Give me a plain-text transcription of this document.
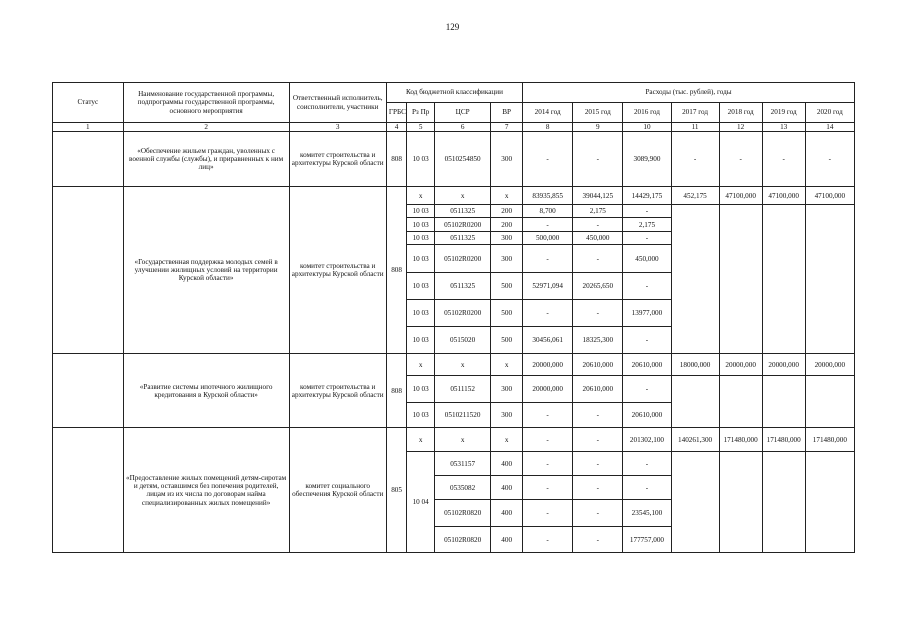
129
Статус	Наименование государственной программы, подпрограммы государственной программы, основного мероприятия	Ответственный исполнитель, соисполнители, участники	Код бюджетной классификации				Расходы (тыс. рублей), годы						
			ГРБС	Рз Пр	ЦСР	ВР	2014 год	2015 год	2016 год	2017 год	2018 год	2019 год	2020 год
1	2	3	4	5	6	7	8	9	10	11	12	13	14
	«Обеспечение жильем граждан, уволенных с военной службы (службы), и приравненных к ним лиц»	комитет строительства и архитектуры Курской области	808	10 03	0510254850	300	-	-	3089,900	-	-	-	-
	«Государственная поддержка молодых семей в улучшении жилищных условий на территории Курской области»	комитет строительства и архитектуры Курской области	808	х	х	х	83935,855	39044,125	14429,175	452,175	47100,000	47100,000	47100,000
				10 03	0511325	200	8,700	2,175	-				
				10 03	05102R0200	200	-	-	2,175				
				10 03	0511325	300	500,000	450,000	-				
				10 03	05102R0200	300	-	-	450,000				
				10 03	0511325	500	52971,094	20265,650	-				
				10 03	05102R0200	500	-	-	13977,000				
				10 03	0515020	500	30456,061	18325,300	-				
	«Развитие системы ипотечного жилищного кредитования в Курской области»	комитет строительства и архитектуры Курской области	808	х	х	х	20000,000	20610,000	20610,000	18000,000	20000,000	20000,000	20000,000
				10 03	0511152	300	20000,000	20610,000	-				
				10 03	0510211520	300	-	-	20610,000				
	«Предоставление жилых помещений детям-сиротам и детям, оставшимся без попечения родителей, лицам из их числа по договорам найма специализированных жилых помещений»	комитет социального обеспечения Курской области	805	х	х	х	-	-	201302,100	140261,300	171480,000	171480,000	171480,000
				10 04	0531157	400	-	-	-				
					0535082	400	-	-	-				
					05102R0820	400	-	-	23545,100				
					05102R0820	400	-	-	177757,000				
